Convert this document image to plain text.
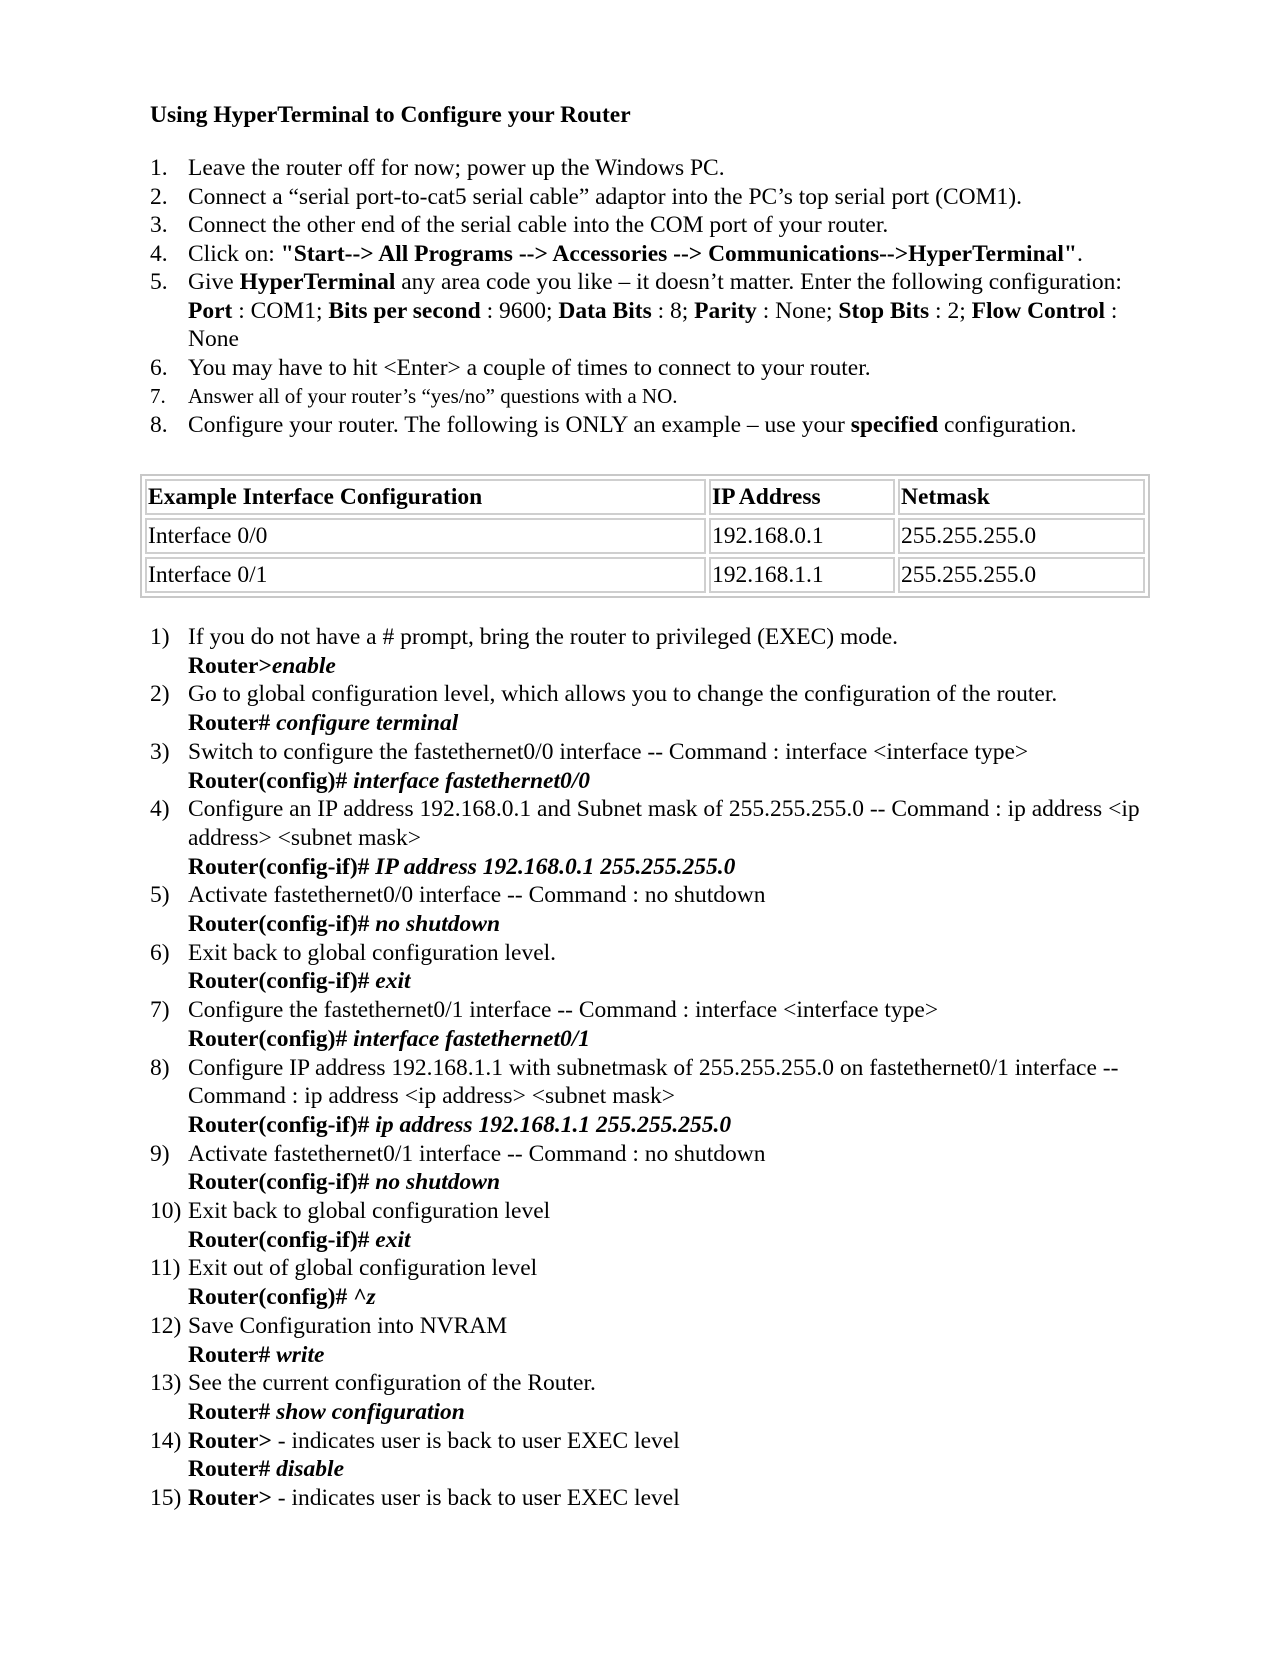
Using HyperTerminal to Configure your Router
1. Leave the router off for now; power up the Windows PC.
2. Connect a “serial port-to-cat5 serial cable” adaptor into the PC’s top serial port (COM1).
3. Connect the other end of the serial cable into the COM port of your router.
4. Click on: "Start--> All Programs --> Accessories --> Communications-->HyperTerminal".
5. Give HyperTerminal any area code you like – it doesn’t matter. Enter the following configuration: Port : COM1; Bits per second : 9600; Data Bits : 8; Parity : None; Stop Bits : 2; Flow Control : None
6. You may have to hit <Enter> a couple of times to connect to your router.
7. Answer all of your router’s “yes/no” questions with a NO.
8. Configure your router. The following is ONLY an example – use your specified configuration.
Example Interface Configuration	IP Address	Netmask
Interface 0/0	192.168.0.1	255.255.255.0
Interface 0/1	192.168.1.1	255.255.255.0
1) If you do not have a # prompt, bring the router to privileged (EXEC) mode.
Router>enable
2) Go to global configuration level, which allows you to change the configuration of the router.
Router# configure terminal
3) Switch to configure the fastethernet0/0 interface -- Command : interface <interface type>
Router(config)# interface fastethernet0/0
4) Configure an IP address 192.168.0.1 and Subnet mask of 255.255.255.0 -- Command : ip address <ip address> <subnet mask>
Router(config-if)# IP address 192.168.0.1 255.255.255.0
5) Activate fastethernet0/0 interface -- Command : no shutdown
Router(config-if)# no shutdown
6) Exit back to global configuration level.
Router(config-if)# exit
7) Configure the fastethernet0/1 interface -- Command : interface <interface type>
Router(config)# interface fastethernet0/1
8) Configure IP address 192.168.1.1 with subnetmask of 255.255.255.0 on fastethernet0/1 interface -- Command : ip address <ip address> <subnet mask>
Router(config-if)# ip address 192.168.1.1 255.255.255.0
9) Activate fastethernet0/1 interface -- Command : no shutdown
Router(config-if)# no shutdown
10) Exit back to global configuration level
Router(config-if)# exit
11) Exit out of global configuration level
Router(config)# ^z
12) Save Configuration into NVRAM
Router# write
13) See the current configuration of the Router.
Router# show configuration
14) Router> - indicates user is back to user EXEC level
Router# disable
15) Router> - indicates user is back to user EXEC level
